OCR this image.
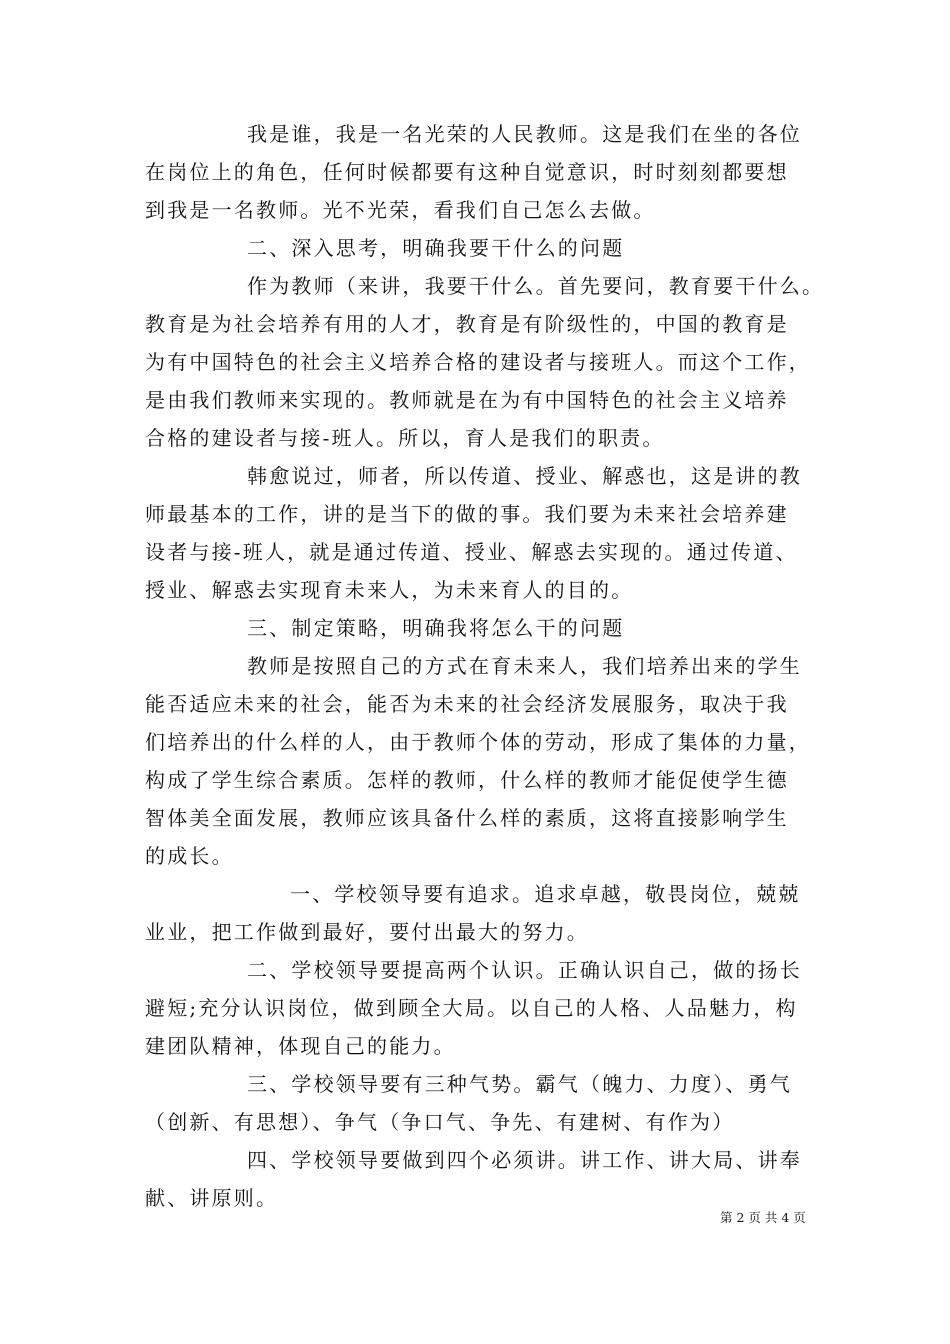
我是谁，我是一名光荣的人民教师。这是我们在坐的各位
在岗位上的角色，任何时候都要有这种自觉意识，时时刻刻都要想
到我是一名教师。光不光荣，看我们自己怎么去做。
二、深入思考，明确我要干什么的问题
作为教师（来讲，我要干什么。首先要问，教育要干什么。
教育是为社会培养有用的人才，教育是有阶级性的，中国的教育是
为有中国特色的社会主义培养合格的建设者与接班人。而这个工作，
是由我们教师来实现的。教师就是在为有中国特色的社会主义培养
合格的建设者与接-班人。所以，育人是我们的职责。
韩愈说过，师者，所以传道、授业、解惑也，这是讲的教
师最基本的工作，讲的是当下的做的事。我们要为未来社会培养建
设者与接-班人，就是通过传道、授业、解惑去实现的。通过传道、
授业、解惑去实现育未来人，为未来育人的目的。
三、制定策略，明确我将怎么干的问题
教师是按照自己的方式在育未来人，我们培养出来的学生
能否适应未来的社会，能否为未来的社会经济发展服务，取决于我
们培养出的什么样的人，由于教师个体的劳动，形成了集体的力量，
构成了学生综合素质。怎样的教师，什么样的教师才能促使学生德
智体美全面发展，教师应该具备什么样的素质，这将直接影响学生
的成长。
一、学校领导要有追求。追求卓越，敬畏岗位，兢兢
业业，把工作做到最好，要付出最大的努力。
二、学校领导要提高两个认识。正确认识自己，做的扬长
避短;充分认识岗位，做到顾全大局。以自己的人格、人品魅力，构
建团队精神，体现自己的能力。
三、学校领导要有三种气势。霸气（魄力、力度）、勇气
（创新、有思想）、争气（争口气、争先、有建树、有作为）
四、学校领导要做到四个必须讲。讲工作、讲大局、讲奉
献、讲原则。
第 2 页 共 4 页
